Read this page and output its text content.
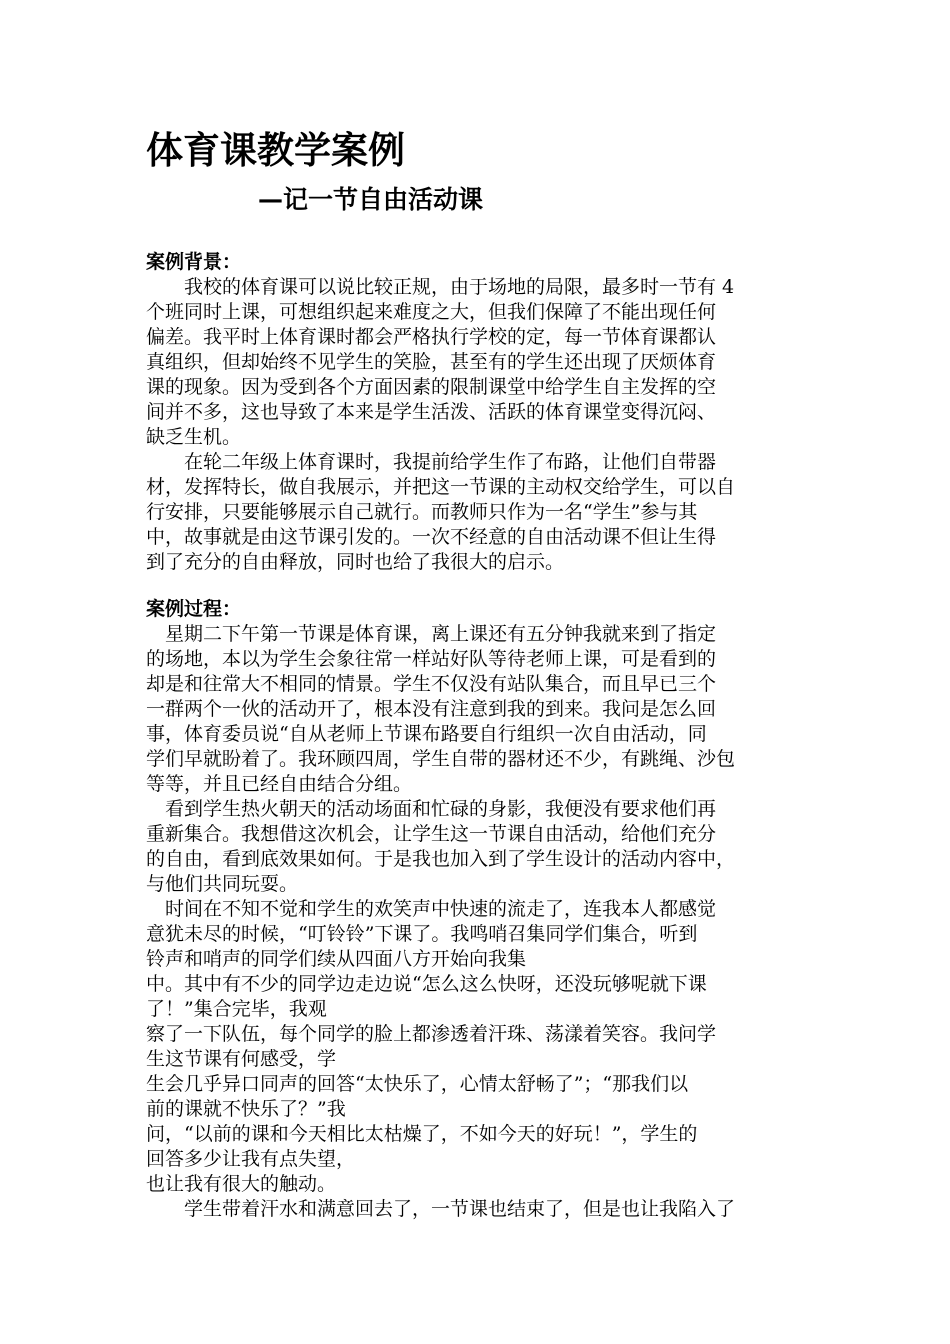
体育课教学案例
—记一节自由活动课
案例背景：

　　我校的体育课可以说比较正规，由于场地的局限，最多时一节有 4

个班同时上课，可想组织起来难度之大，但我们保障了不能出现任何

偏差。我平时上体育课时都会严格执行学校的定，每一节体育课都认

真组织，但却始终不见学生的笑脸，甚至有的学生还出现了厌烦体育

课的现象。因为受到各个方面因素的限制课堂中给学生自主发挥的空

间并不多，这也导致了本来是学生活泼、活跃的体育课堂变得沉闷、

缺乏生机。

　　在轮二年级上体育课时，我提前给学生作了布路，让他们自带器

材，发挥特长，做自我展示，并把这一节课的主动权交给学生，可以自

行安排，只要能够展示自己就行。而教师只作为一名“学生”参与其

中，故事就是由这节课引发的。一次不经意的自由活动课不但让生得

到了充分的自由释放，同时也给了我很大的启示。

案例过程：

　星期二下午第一节课是体育课，离上课还有五分钟我就来到了指定

的场地，本以为学生会象往常一样站好队等待老师上课，可是看到的

却是和往常大不相同的情景。学生不仅没有站队集合，而且早已三个

一群两个一伙的活动开了，根本没有注意到我的到来。我问是怎么回

事，体育委员说“自从老师上节课布路要自行组织一次自由活动，同

学们早就盼着了。我环顾四周，学生自带的器材还不少，有跳绳、沙包

等等，并且已经自由结合分组。

　看到学生热火朝天的活动场面和忙碌的身影，我便没有要求他们再

重新集合。我想借这次机会，让学生这一节课自由活动，给他们充分

的自由，看到底效果如何。于是我也加入到了学生设计的活动内容中，

与他们共同玩耍。

　时间在不知不觉和学生的欢笑声中快速的流走了，连我本人都感觉

意犹未尽的时候，“叮铃铃”下课了。我鸣哨召集同学们集合，听到

铃声和哨声的同学们续从四面八方开始向我集

中。其中有不少的同学边走边说“怎么这么快呀，还没玩够呢就下课

了！”集合完毕，我观

察了一下队伍，每个同学的脸上都渗透着汗珠、荡漾着笑容。我问学

生这节课有何感受，学

生会几乎异口同声的回答“太快乐了，心情太舒畅了”；“那我们以

前的课就不快乐了？”我

问，“以前的课和今天相比太枯燥了，不如今天的好玩！”，学生的

回答多少让我有点失望，

也让我有很大的触动。

　　学生带着汗水和满意回去了，一节课也结束了，但是也让我陷入了
